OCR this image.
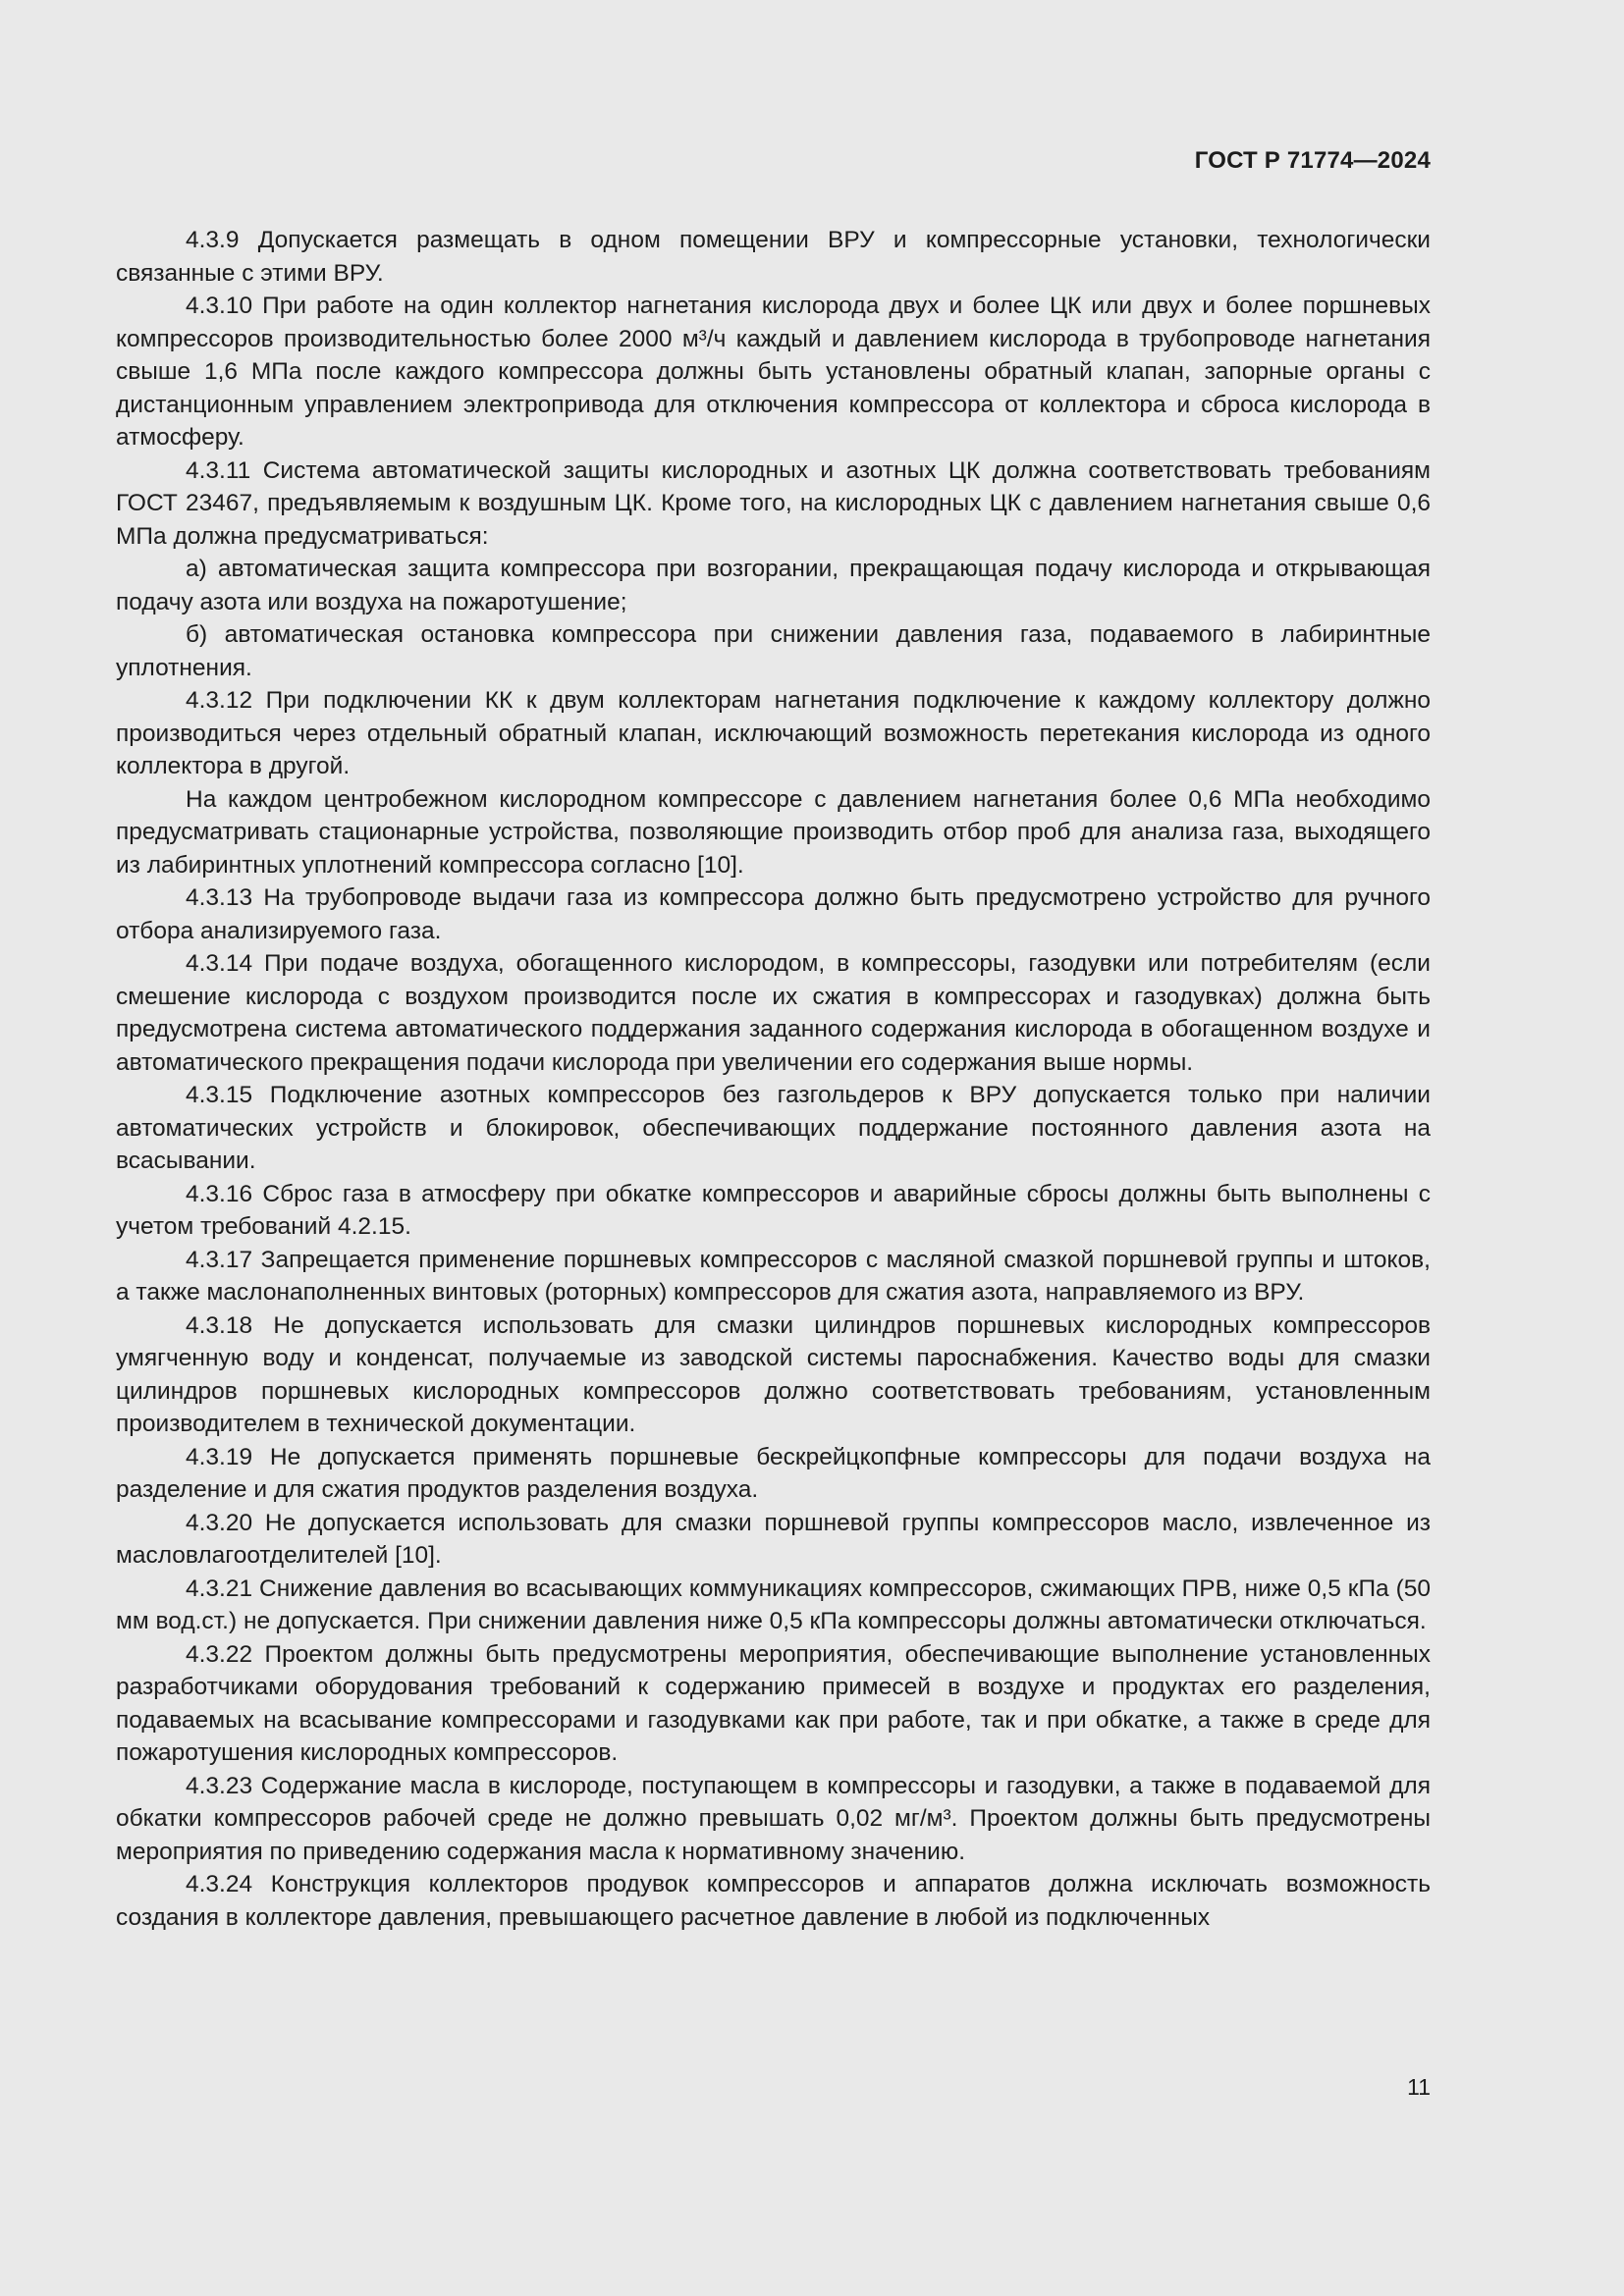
ГОСТ Р 71774—2024

4.3.9 Допускается размещать в одном помещении ВРУ и компрессорные установки, технологически связанные с этими ВРУ.

4.3.10 При работе на один коллектор нагнетания кислорода двух и более ЦК или двух и более поршневых компрессоров производительностью более 2000 м³/ч каждый и давлением кислорода в трубопроводе нагнетания свыше 1,6 МПа после каждого компрессора должны быть установлены обратный клапан, запорные органы с дистанционным управлением электропривода для отключения компрессора от коллектора и сброса кислорода в атмосферу.

4.3.11 Система автоматической защиты кислородных и азотных ЦК должна соответствовать требованиям ГОСТ 23467, предъявляемым к воздушным ЦК. Кроме того, на кислородных ЦК с давлением нагнетания свыше 0,6 МПа должна предусматриваться:

а) автоматическая защита компрессора при возгорании, прекращающая подачу кислорода и открывающая подачу азота или воздуха на пожаротушение;

б) автоматическая остановка компрессора при снижении давления газа, подаваемого в лабиринтные уплотнения.

4.3.12 При подключении КК к двум коллекторам нагнетания подключение к каждому коллектору должно производиться через отдельный обратный клапан, исключающий возможность перетекания кислорода из одного коллектора в другой.

На каждом центробежном кислородном компрессоре с давлением нагнетания более 0,6 МПа необходимо предусматривать стационарные устройства, позволяющие производить отбор проб для анализа газа, выходящего из лабиринтных уплотнений компрессора согласно [10].

4.3.13 На трубопроводе выдачи газа из компрессора должно быть предусмотрено устройство для ручного отбора анализируемого газа.

4.3.14 При подаче воздуха, обогащенного кислородом, в компрессоры, газодувки или потребителям (если смешение кислорода с воздухом производится после их сжатия в компрессорах и газодувках) должна быть предусмотрена система автоматического поддержания заданного содержания кислорода в обогащенном воздухе и автоматического прекращения подачи кислорода при увеличении его содержания выше нормы.

4.3.15 Подключение азотных компрессоров без газгольдеров к ВРУ допускается только при наличии автоматических устройств и блокировок, обеспечивающих поддержание постоянного давления азота на всасывании.

4.3.16 Сброс газа в атмосферу при обкатке компрессоров и аварийные сбросы должны быть выполнены с учетом требований 4.2.15.

4.3.17 Запрещается применение поршневых компрессоров с масляной смазкой поршневой группы и штоков, а также маслонаполненных винтовых (роторных) компрессоров для сжатия азота, направляемого из ВРУ.

4.3.18 Не допускается использовать для смазки цилиндров поршневых кислородных компрессоров умягченную воду и конденсат, получаемые из заводской системы пароснабжения. Качество воды для смазки цилиндров поршневых кислородных компрессоров должно соответствовать требованиям, установленным производителем в технической документации.

4.3.19 Не допускается применять поршневые бескрейцкопфные компрессоры для подачи воздуха на разделение и для сжатия продуктов разделения воздуха.

4.3.20 Не допускается использовать для смазки поршневой группы компрессоров масло, извлеченное из масловлагоотделителей [10].

4.3.21 Снижение давления во всасывающих коммуникациях компрессоров, сжимающих ПРВ, ниже 0,5 кПа (50 мм вод.ст.) не допускается. При снижении давления ниже 0,5 кПа компрессоры должны автоматически отключаться.

4.3.22 Проектом должны быть предусмотрены мероприятия, обеспечивающие выполнение установленных разработчиками оборудования требований к содержанию примесей в воздухе и продуктах его разделения, подаваемых на всасывание компрессорами и газодувками как при работе, так и при обкатке, а также в среде для пожаротушения кислородных компрессоров.

4.3.23 Содержание масла в кислороде, поступающем в компрессоры и газодувки, а также в подаваемой для обкатки компрессоров рабочей среде не должно превышать 0,02 мг/м³. Проектом должны быть предусмотрены мероприятия по приведению содержания масла к нормативному значению.

4.3.24 Конструкция коллекторов продувок компрессоров и аппаратов должна исключать возможность создания в коллекторе давления, превышающего расчетное давление в любой из подключенных

11
